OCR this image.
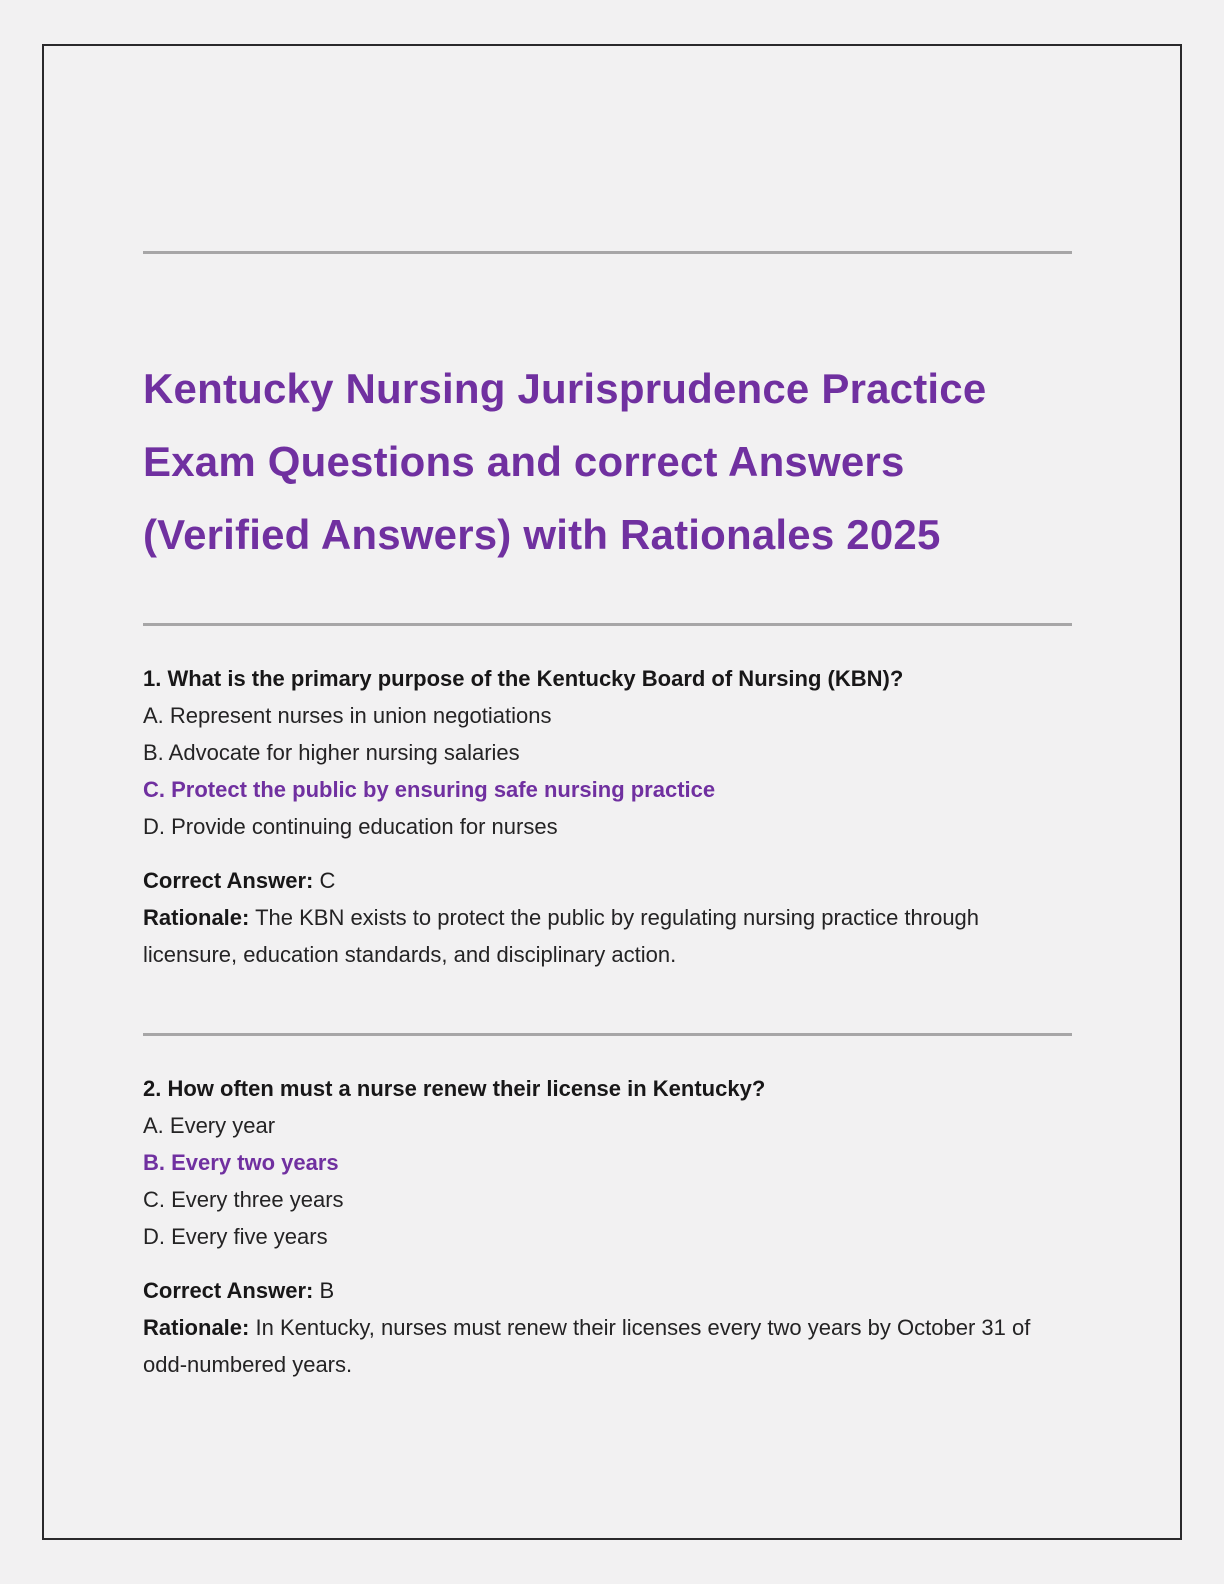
Kentucky Nursing Jurisprudence Practice Exam Questions and correct Answers (Verified Answers) with Rationales 2025

1. What is the primary purpose of the Kentucky Board of Nursing (KBN)?

A. Represent nurses in union negotiations

B. Advocate for higher nursing salaries

C. Protect the public by ensuring safe nursing practice

D. Provide continuing education for nurses

Correct Answer: C

Rationale: The KBN exists to protect the public by regulating nursing practice through licensure, education standards, and disciplinary action.

2. How often must a nurse renew their license in Kentucky?

A. Every year

B. Every two years

C. Every three years

D. Every five years

Correct Answer: B

Rationale: In Kentucky, nurses must renew their licenses every two years by October 31 of odd-numbered years.
